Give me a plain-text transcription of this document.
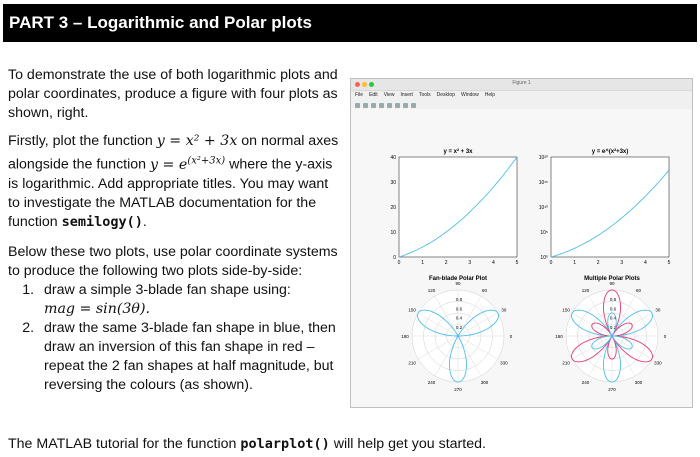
PART 3 – Logarithmic and Polar plots
To demonstrate the use of both logarithmic plots and polar coordinates, produce a figure with four plots as shown, right.
Firstly, plot the function y = x² + 3x on normal axes alongside the function $y = e^{(x^2+3x)}$ where the y-axis is logarithmic. Add appropriate titles. You may want to investigate the MATLAB documentation for the function semilogy().
Below these two plots, use polar coordinate systems to produce the following two plots side-by-side:
1. draw a simple 3-blade fan shape using:
mag = sin(3θ).
2. draw the same 3-blade fan shape in blue, then draw an inversion of this fan shape in red – repeat the 2 fan shapes at half magnitude, but reversing the colours (as shown).
The MATLAB tutorial for the function polarplot() will help get you started.
Figure 1
File Edit View Insert Tools Desktop Window Help
y = x² + 3x
40
30
20
10
0
0	1	2	3	4	5
y = e^(x²+3x)
10²⁰
10¹⁵
10¹⁰
10⁵
10⁰
0	1	2	3	4	5
Fan-blade Polar Plot
0
30
60
90
120
150
180
210
240
270
300
330
0.8
0.6
0.4
0.2
Multiple Polar Plots
0
30
60
90
120
150
180
210
240
270
300
330
0.8
0.6
0.4
0.2
